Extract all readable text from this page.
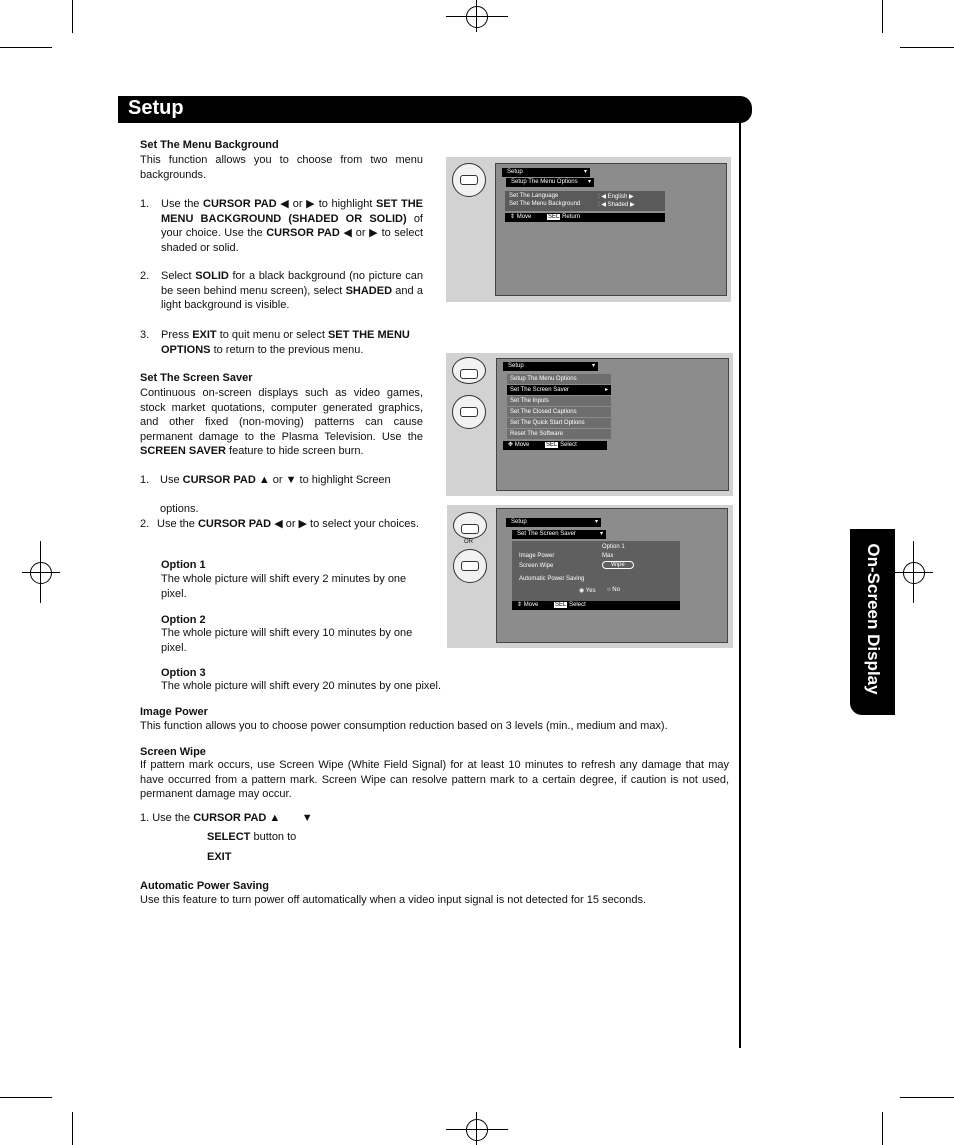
Setup
On-Screen Display
Set The Menu Background
This function allows you to choose from two menu backgrounds.
1. Use the CURSOR PAD ◀ or ▶ to highlight SET THE MENU BACKGROUND (SHADED OR SOLID) of your choice. Use the CURSOR PAD ◀ or ▶ to select shaded or solid.
2. Select SOLID for a black background (no picture can be seen behind menu screen), select SHADED and a light background is visible.
3. Press EXIT to quit menu or select SET THE MENU OPTIONS to return to the previous menu.
Set The Screen Saver
Continuous on-screen displays such as video games, stock market quotations, computer generated graphics, and other fixed (non-moving) patterns can cause permanent damage to the Plasma Television. Use the SCREEN SAVER feature to hide screen burn.
1. Use CURSOR PAD ▲ or ▼ to highlight Screen
options.
2. Use the CURSOR PAD ◀ or ▶ to select your choices.
Option 1
The whole picture will shift every 2 minutes by one pixel.
Option 2
The whole picture will shift every 10 minutes by one pixel.
Option 3
The whole picture will shift every 20 minutes by one pixel.
Image Power
This function allows you to choose power consumption reduction based on 3 levels (min., medium and max).
Screen Wipe
If pattern mark occurs, use Screen Wipe (White Field Signal) for at least 10 minutes to refresh any damage that may have occurred from a pattern mark. Screen Wipe can resolve pattern mark to a certain degree, if caution is not used, permanent damage may occur.
1. Use the CURSOR PAD ▲ ▼
SELECT button to
EXIT
Automatic Power Saving
Use this feature to turn power off automatically when a video input signal is not detected for 15 seconds.
Setup	▾
Setup The Menu Options ▾
Set The Language	: ◀ English ▶
Set The Menu Background	: ◀ Shaded ▶
⇕ Move	SEL Return
Setup	▾
Setup The Menu Options
Set The Screen Saver	▸
Set The Inputs
Set The Closed Captions
Set The Quick Start Options
Reset The Software
✥ Move	SEL Select
OR
Setup	▾
Set The Screen Saver	▾
Option 1
Image Power	Max
Screen Wipe	Wipe
Automatic Power Saving
◉ Yes ○ No
⇕ Move	SEL Select
